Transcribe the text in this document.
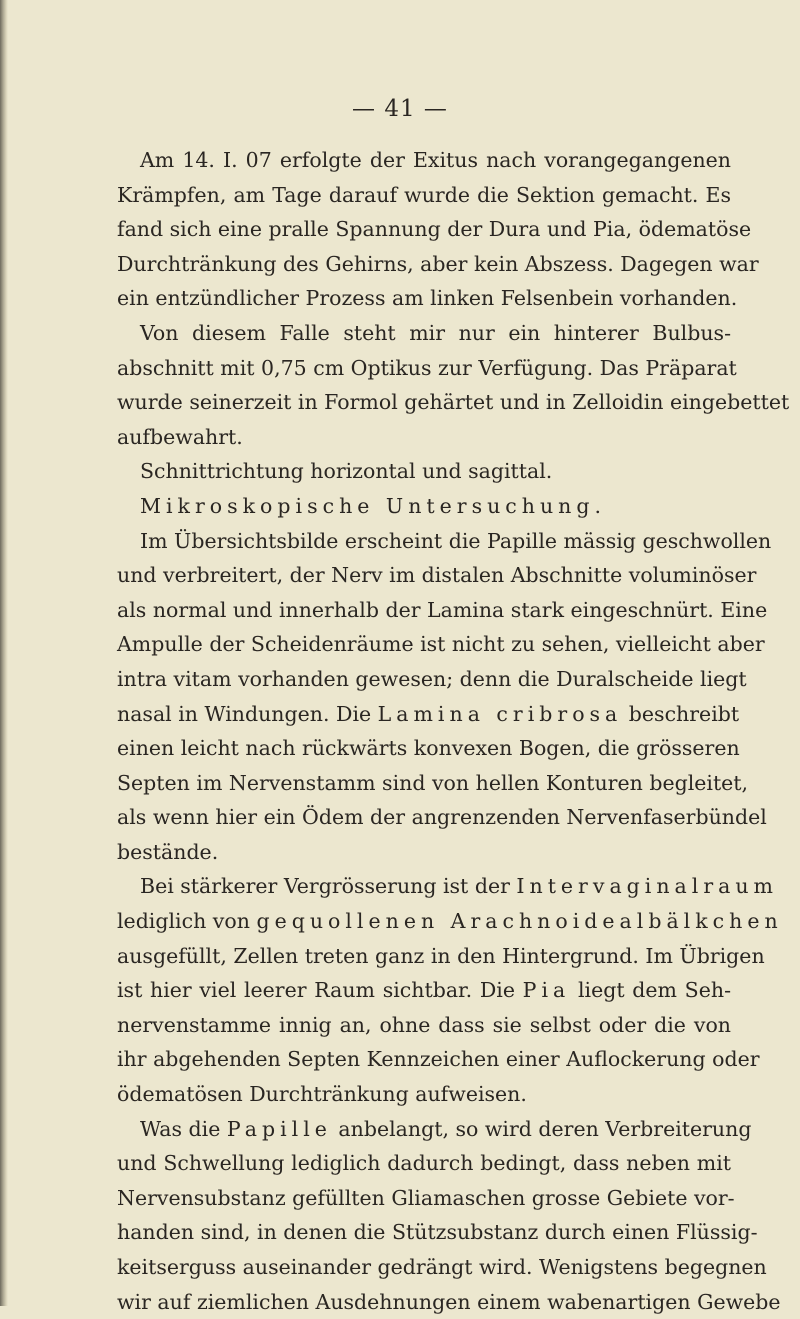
— 41 —
Am 14. I. 07 erfolgte der Exitus nach vorangegangenen
Krämpfen, am Tage darauf wurde die Sektion gemacht. Es
fand sich eine pralle Spannung der Dura und Pia, ödematöse
Durchtränkung des Gehirns, aber kein Abszess. Dagegen war
ein entzündlicher Prozess am linken Felsenbein vorhanden.
Von diesem Falle steht mir nur ein hinterer Bulbus-
abschnitt mit 0,75 cm Optikus zur Verfügung. Das Präparat
wurde seinerzeit in Formol gehärtet und in Zelloidin eingebettet
aufbewahrt.
Schnittrichtung horizontal und sagittal.
Mikroskopische Untersuchung.
Im Übersichtsbilde erscheint die Papille mässig geschwollen
und verbreitert, der Nerv im distalen Abschnitte voluminöser
als normal und innerhalb der Lamina stark eingeschnürt. Eine
Ampulle der Scheidenräume ist nicht zu sehen, vielleicht aber
intra vitam vorhanden gewesen; denn die Duralscheide liegt
nasal in Windungen. Die Lamina cribrosa beschreibt
einen leicht nach rückwärts konvexen Bogen, die grösseren
Septen im Nervenstamm sind von hellen Konturen begleitet,
als wenn hier ein Ödem der angrenzenden Nervenfaserbündel
bestände.
Bei stärkerer Vergrösserung ist der Intervaginalraum
lediglich von gequollenen Arachnoidealbälkchen
ausgefüllt, Zellen treten ganz in den Hintergrund. Im Übrigen
ist hier viel leerer Raum sichtbar. Die Pia liegt dem Seh-
nervenstamme innig an, ohne dass sie selbst oder die von
ihr abgehenden Septen Kennzeichen einer Auflockerung oder
ödematösen Durchtränkung aufweisen.
Was die Papille anbelangt, so wird deren Verbreiterung
und Schwellung lediglich dadurch bedingt, dass neben mit
Nervensubstanz gefüllten Gliamaschen grosse Gebiete vor-
handen sind, in denen die Stützsubstanz durch einen Flüssig-
keitserguss auseinander gedrängt wird. Wenigstens begegnen
wir auf ziemlichen Ausdehnungen einem wabenartigen Gewebe
